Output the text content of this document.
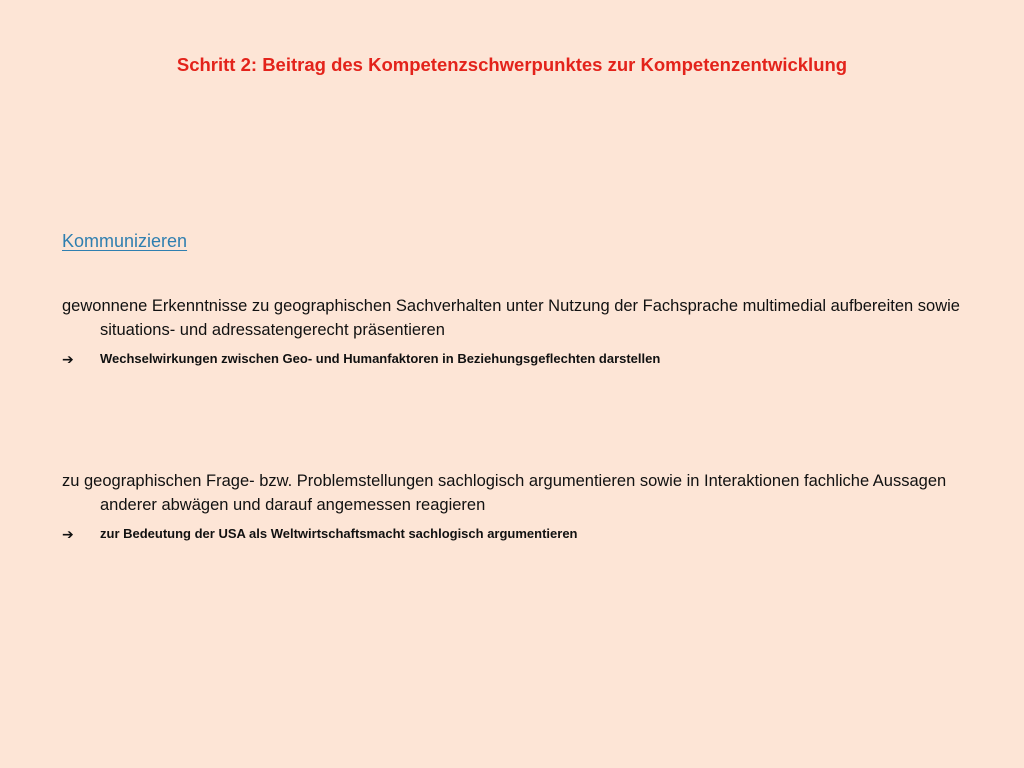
Schritt 2: Beitrag des Kompetenzschwerpunktes zur Kompetenzentwicklung
Kommunizieren

gewonnene Erkenntnisse zu geographischen Sachverhalten unter Nutzung der Fachsprache multimedial aufbereiten sowie situations- und adressatengerecht präsentieren

➔ Wechselwirkungen zwischen Geo- und Humanfaktoren in Beziehungsgeflechten darstellen

zu geographischen Frage- bzw. Problemstellungen sachlogisch argumentieren sowie in Interaktionen fachliche Aussagen anderer abwägen und darauf angemessen reagieren

➔ zur Bedeutung der USA als Weltwirtschaftsmacht sachlogisch argumentieren
